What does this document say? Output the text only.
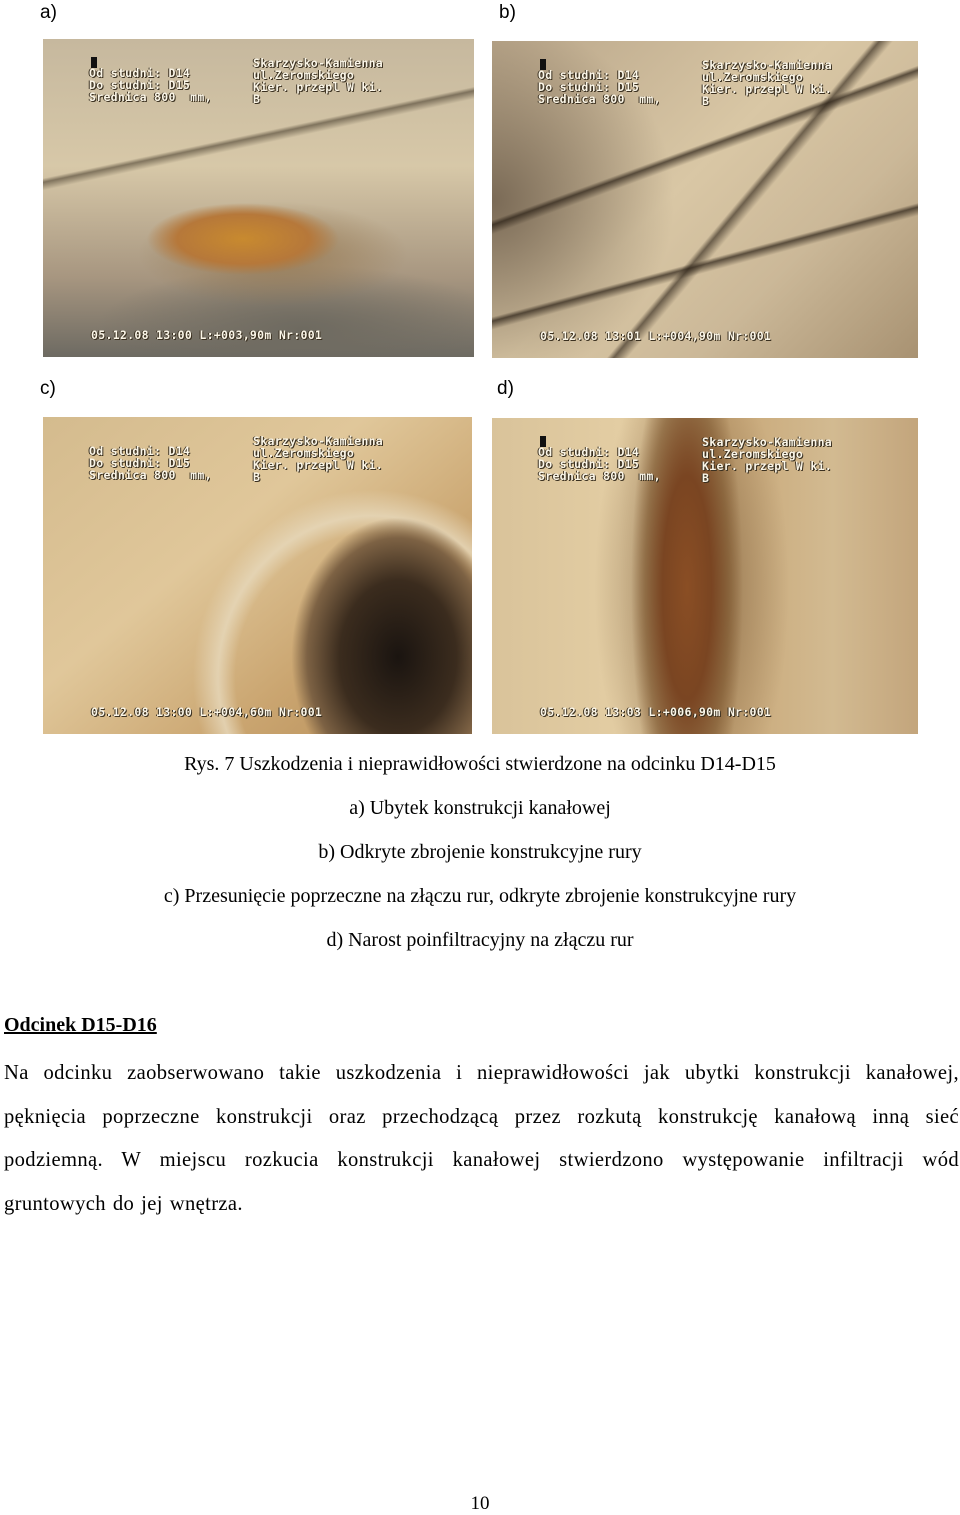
a)	b)
c)	d)
Od studni: D14
Do studni: D15
Srednica 800  mm,
Skarzysko-Kamienna
ul.Zeromskiego
Kier. przepl W ki.
B
05.12.08 13:00 L:+003,90m Nr:001
Od studni: D14
Do studni: D15
Srednica 800  mm,
Skarzysko-Kamienna
ul.Zeromskiego
Kier. przepl W ki.
B
05.12.08 13:01 L:+004,90m Nr:001
Od studni: D14
Do studni: D15
Srednica 800  mm,
Skarzysko-Kamienna
ul.Zeromskiego
Kier. przepl W ki.
B
05.12.08 13:00 L:+004,60m Nr:001
Od studni: D14
Do studni: D15
Srednica 800  mm,
Skarzysko-Kamienna
ul.Zeromskiego
Kier. przepl W ki.
B
05.12.08 13:03 L:+006,90m Nr:001
Rys. 7 Uszkodzenia i nieprawidłowości stwierdzone na odcinku D14-D15
a) Ubytek konstrukcji kanałowej
b) Odkryte zbrojenie konstrukcyjne rury
c) Przesunięcie poprzeczne na złączu rur, odkryte zbrojenie konstrukcyjne rury
d) Narost poinfiltracyjny na złączu rur
Odcinek D15-D16
Na odcinku zaobserwowano takie uszkodzenia i nieprawidłowości jak ubytki konstrukcji kanałowej, pęknięcia poprzeczne konstrukcji oraz przechodzącą przez rozkutą konstrukcję kanałową inną sieć podziemną. W miejscu rozkucia konstrukcji kanałowej stwierdzono występowanie infiltracji wód gruntowych do jej wnętrza.
10
